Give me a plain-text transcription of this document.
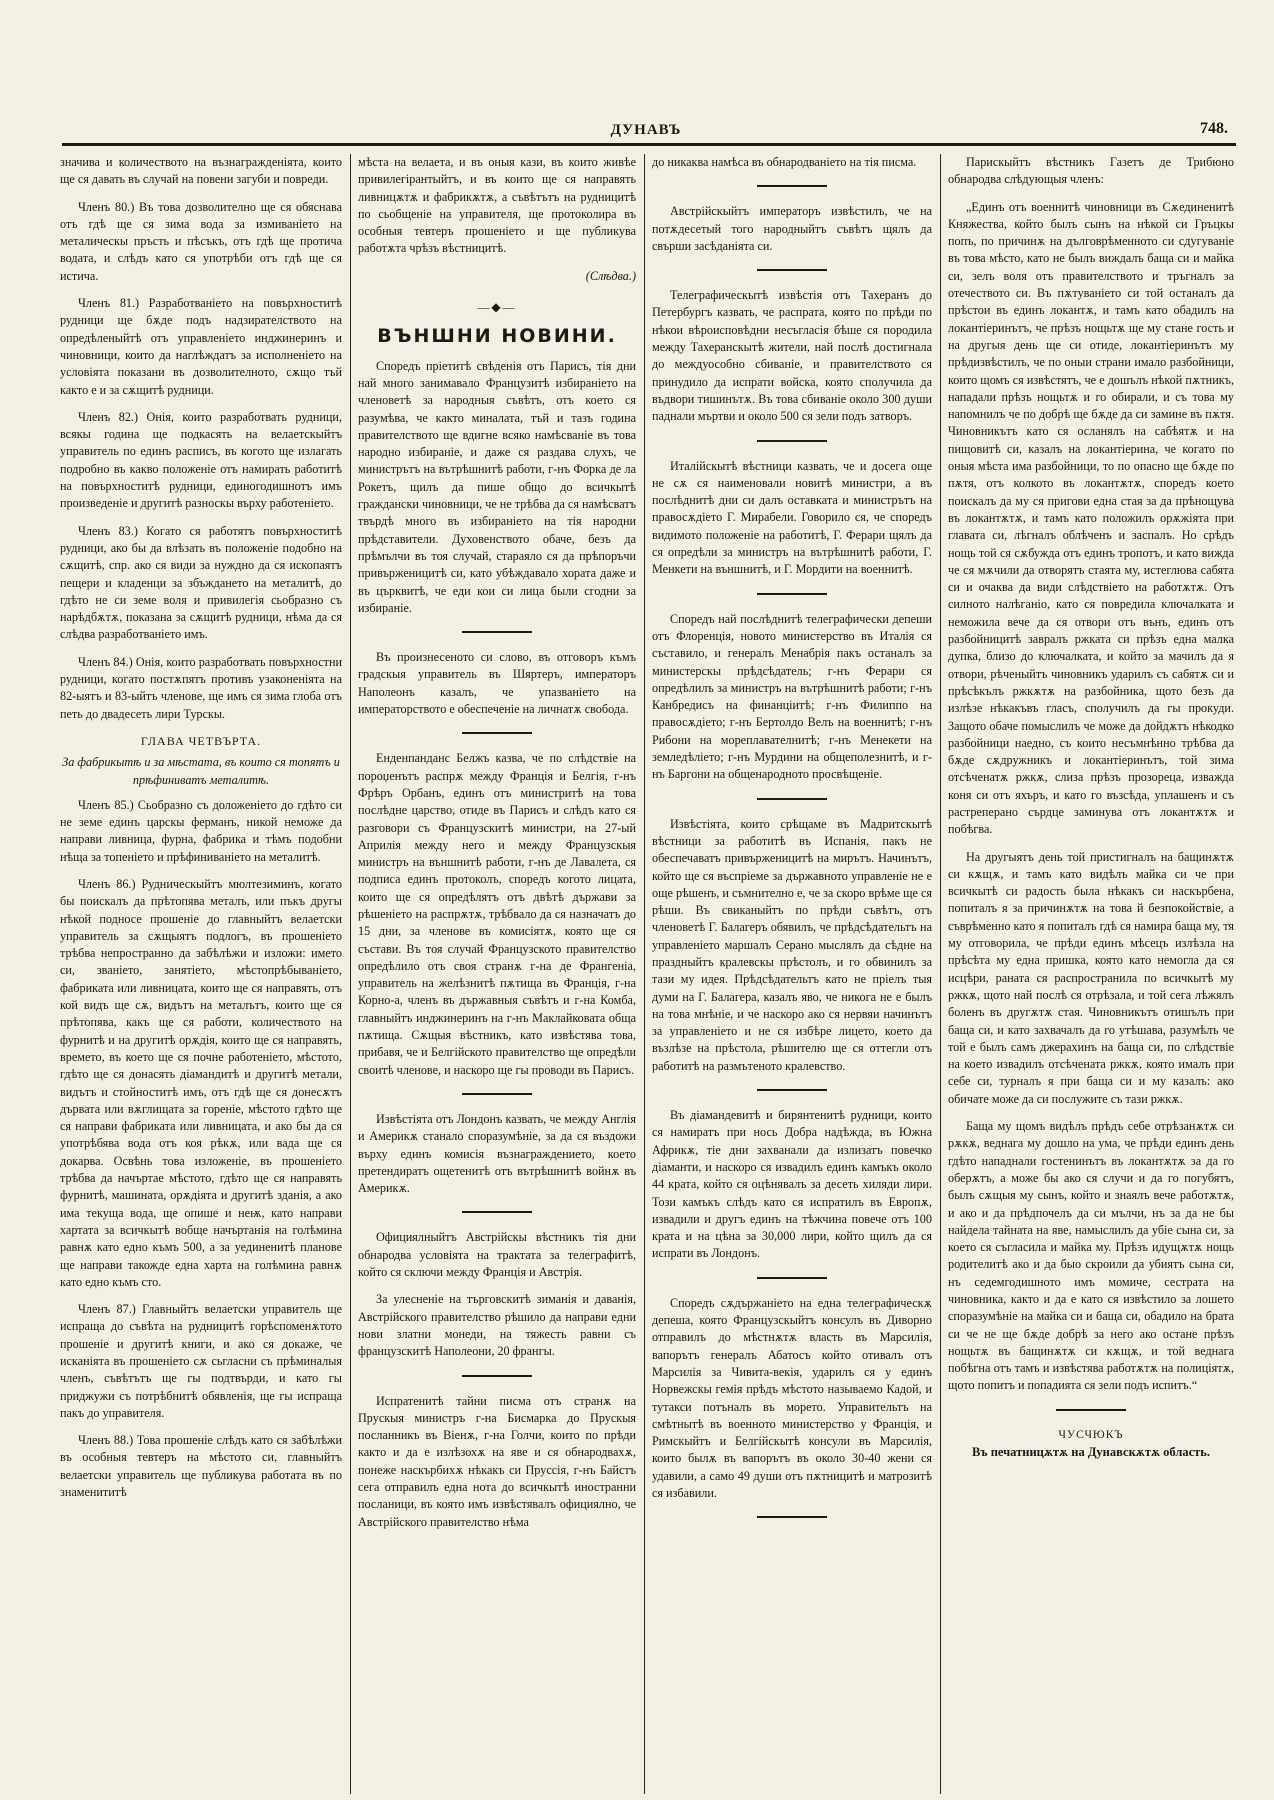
ДУНАВЪ	748.

значива и количеството на възнагражденiята, които ще ся давать въ случай на повени загуби и повреди.

Членъ 80.) Въ това дозволително ще ся обяснава отъ гдѣ ще ся зима вода за измиванiето на металическы пръсть и пѣсъкъ, отъ гдѣ ще протича водата, и слѣдъ като ся употрѣби отъ гдѣ ще ся истича.

Членъ 81.) Разработванiето на повърхноститѣ рудници ще бѫде подъ надзирателството на опредѣленыйтѣ отъ управленiето инджинеринъ и чиновници, които да наглѣждатъ за исполненiето на условiята показани въ дозволителното, сѫщо тъй както е и за сѫщитѣ рудници.

Членъ 82.) Онiя, които разработвать рудници, всякы година ще подкасять на велаетскыйтъ управитель по единъ расписъ, въ когото ще излагать подробно въ какво положенiе отъ намирать работитѣ на повърхноститѣ рудници, единогодишнотъ имъ произведенiе и другитѣ разноскы върху работенiето.

Членъ 83.) Когато ся работятъ повърхноститѣ рудници, ако бы да влѣзать въ положенiе подобно на сѫщитѣ, спр. ако ся види за нуждно да ся ископаятъ пещери и кладенци за збъждането на металитѣ, до гдѣто не си земе воля и привилегiя сьобразно съ нарѣдбѫтѫ, показана за сѫщитѣ рудници, нѣма да ся слѣдва разработванiето имъ.

Членъ 84.) Онiя, които разработвать повърхностни рудници, когато постѫпятъ противъ узаконенiята на 82-ыятъ и 83-ыйтъ членове, ще имъ ся зима глоба отъ петь до двадесеть лири Турскы.

ГЛАВА ЧЕТВЪРТА.
За фабрикытѣ и за мѣстата, въ които ся топятъ и прѣфиниватъ металитѣ.

Членъ 85.) Сьобразно съ доложенiето до гдѣто си не земе единъ царскы ферманъ, никой неможе да направи ливница, фурна, фабрика и тѣмъ подобни нѣща за топенiето и прѣфиниванiето на металитѣ.

Членъ 86.) Рудническыйтъ мюлтезиминъ, когато бы поискалъ да прѣтопява металъ, или пъкъ другы нѣкой подносе прошенiе до главныйтъ велаетски управитель за сѫщыятъ подлогъ, въ прошенiето трѣбва непространно да забѣлѣжи и изложи: името си, званiето, занятiето, мѣстопрѣбыванiето, фабриката или ливницата, които ще ся направять, отъ кой видъ ще сѫ, видътъ на металътъ, които ще ся прѣтопява, какъ ще ся работи, количеството на фурнитѣ и на другитѣ орѫдiя, които ще ся направять, времето, въ което ще ся почне работенiето, мѣстото, гдѣто ще ся донасять дiамандитѣ и другитѣ метали, видътъ и стойноститѣ имъ, отъ гдѣ ще ся донесѫтъ дървата или вѫглищата за горенiе, мѣстото гдѣто ще ся направи фабриката или ливницата, и ако бы да ся употрѣбява вода отъ коя рѣкѫ, или вада ще ся докарва. Освѣнь това изложенiе, въ прошенiето трѣбва да начъртае мѣстото, гдѣто ще ся направять фурнитѣ, машината, орѫдiята и другитѣ зданiя, а ако има текуща вода, ще опише и неѭ, като направи хартата за всичкытѣ вобще начъртанiя на голѣмина равнѫ като едно къмъ 500, а за уединенитѣ планове ще направи такожде една харта на голѣмина равнѫ като едно къмъ сто.

Членъ 87.) Главныйтъ велаетски управитель ще испраща до съвѣта на рудницитѣ горѣспоменѫтото прошенiе и другитѣ книги, и ако ся докаже, че исканiята въ прошенiето сѫ сьгласни съ прѣминалыя членъ, съвѣтътъ ще гы подтвърди, и като гы приджужи съ потрѣбнитѣ обявленiя, ще гы испраща пакъ до управителя.

Членъ 88.) Това прошенiе слѣдъ като ся забѣлѣжи въ особныя тевтеръ на мѣстото си, главныйтъ велаетски управитель ще публикува работата въ по знаменититѣ

мѣста на велаета, и въ оныя кази, въ които живѣе привилегiрантыйтъ, и въ които ще ся направять ливницѫтѫ и фабрикѫтѫ, а съвѣтътъ на рудницитѣ по сьобщенiе на управителя, ще протоколира въ особныя тевтеръ прошенiето и ще публикува работѫта чрѣзъ вѣстницитѣ.

(Слѣдва.)
—◆—
ВЪНШНИ НОВИНИ.

Споредъ прiетитѣ свѣденiя отъ Парисъ, тiя дни най много занимавало Французитѣ избиранiето на членоветѣ за народныя съвѣтъ, отъ което ся разумѣва, че както миналата, тъй и тазъ година правителството ще вдигне всяко намѣсванiе въ това народно избиранiе, и даже ся раздава слухъ, че министрътъ на вътрѣшнитѣ работи, г-нъ Форка де ла Рокетъ, щилъ да пише общо до всичкытѣ граждански чиновници, че не трѣбва да ся намѣсватъ твърдѣ много въ избиранiето на тiя народни прѣдставители. Духовенството обаче, безъ да прѣмълчи въ тоя случай, стараяло ся да прѣпоръчи привърженицитѣ си, като убѣждавало хората даже и въ църквитѣ, че еди кои си лица были сгодни за избиранiе.

Въ произнесеното си слово, въ отговоръ къмъ градскыя управитель въ Шяртеръ, императоръ Наполеонъ казалъ, че упазванiето на императорството е обеспеченiе на личнатѫ свобода.

Енденпанданс Белжъ казва, че по слѣдствiе на пороџенътъ распрѫ между Францiя и Белгiя, г-нъ Фрѣръ Орбанъ, единъ отъ министритѣ на това послѣдне царство, отиде въ Парисъ и слѣдъ като ся разговори съ Французскитѣ министри, на 27-ый Априлiя между него и между Французскыя министръ на външнитѣ работи, г-нъ де Лавалета, ся подписа единъ протоколъ, споредъ когото лицата, които ще ся опредѣлятъ отъ двѣтѣ държави за рѣшенiето на распрѫтѫ, трѣбвало да ся назначатъ до 15 дни, за членове въ комисiятѫ, която ще ся състави. Въ тоя случай Французското правителство опредѣлило отъ своя странѫ г-на де Франгенiа, управитель на желѣзнитѣ пѫтища въ Францiя, г-на Корно-а, членъ въ държавныя съвѣтъ и г-на Комба, главныйтъ инджинеринъ на г-нъ Маклайковата обща пѫтища. Сѫщыя вѣстникъ, като извѣстява това, прибавя, че и Белгiйското правителство ще опредѣли своитѣ членове, и наскоро ще гы проводи въ Парисъ.

Извѣстiята отъ Лондонъ казвать, че между Англiя и Америкѫ станало споразумѣнiе, за да ся въздожи върху единъ комисiя възнаграждението, което претендиратъ ощетенитѣ отъ вътрѣшнитѣ войнѫ въ Америкѫ.

Официялныйтъ Австрiйскы вѣстникъ тiя дни обнародва условiята на трактата за телеграфитѣ, който ся сключи между Францiя и Австрiя.

За улесненiе на търговскитѣ зиманiя и даванiя, Австрiйского правителство рѣшило да направи едни нови златни монеди, на тяжесть равни съ французскитѣ Наполеони, 20 франгы.

Испратенитѣ тайни писма отъ странѫ на Прускыя министръ г-на Бисмарка до Прускыя посланникъ въ Вiенѫ, г-на Голчи, които по прѣди както и да е излѣзохѫ на яве и ся обнародвахѫ, понеже наскърбихѫ нѣкакъ си Пруссiя, г-нъ Байстъ сега отправилъ една нота до всичкытѣ иностранни посланици, въ която имъ извѣстявалъ официялно, че Австрiйского правителство нѣма

до никаква намѣса въ обнародванiето на тiя писма.

Австрiйскыйтъ императоръ извѣстилъ, че на потѫдесетый того народныйтъ съвѣтъ щялъ да свърши засѣданiята си.

Телеграфическытѣ извѣстiя отъ Тахеранъ до Петербургъ казвать, че распрата, която по прѣди по нѣкои вѣроисповѣдни несъгласiя бѣше ся породила между Тахеранскытѣ жители, най послѣ достигнала до междуособно сбиванiе, и правителството ся принудило да испрати войска, която сполучила да въдвори тишинътѫ. Въ това сбиванiе около 300 души паднали мъртви и около 500 ся зели подъ затворъ.

Италiйскытѣ вѣстници казвать, че и досега още не сѫ ся наименовали новитѣ министри, а въ послѣднитѣ дни си далъ оставката и министрътъ на правосѫдiето Г. Мирабели. Говорило ся, че споредъ видимото положенiе на работитѣ, Г. Ферари щялъ да ся опредѣли за министръ на вътрѣшнитѣ работи, Г. Менкети на външнитѣ, и Г. Мордити на военнитѣ.

Споредъ най послѣднитѣ телеграфически депеши отъ Флоренцiя, новото министерство въ Италiя ся съставило, и генералъ Менабрiя пакъ останалъ за министерскы прѣдсѣдатель; г-нъ Ферари ся опредѣлилъ за министръ на вътрѣшнитѣ работи; г-нъ Канбредисъ на финанцiитѣ; г-нъ Филиппо на правосѫдiето; г-нъ Бертолдо Велъ на военнитѣ; г-нъ Рибони на мореплавателнитѣ; г-нъ Менекети на земледѣлiето; г-нъ Мурдини на общеполезнитѣ, и г-нъ Баргони на общенародното просвѣщенiе.

Извѣстiята, които срѣщаме въ Мадритскытѣ вѣстници за работитѣ въ Испанiя, пакъ не обеспечаватъ привърженицитѣ на мирътъ. Начинътъ, който ще ся въспрiеме за държавното управленiе не е още рѣшенъ, и съмнително е, че за скоро врѣме ще ся рѣши. Въ свиканыйтъ по прѣди съвѣтъ, отъ членоветѣ Г. Балагеръ обявилъ, че прѣдсѣдательтъ на управленiето маршалъ Серано мыслялъ да сѣдне на праздныйтъ кралевскы прѣстолъ, и го обвинилъ за тази му идея. Прѣдсѣдательтъ като не прiелъ тыя думи на Г. Балагера, казалъ яво, че никога не е былъ на това мнѣнiе, и че наскоро ако ся нервяи начинътъ за управленiето и не ся избѣре лицето, което да възлѣзе на прѣстола, рѣшителю ще ся оттегли отъ работитѣ на размътеното кралевство.

Въ дiамандевитѣ и бирянтенитѣ рудници, които ся намиратъ при нось Добра надѣжда, въ Южна Африкѫ, тiе дни захванали да излизатъ повечко дiаманти, и наскоро ся извадилъ единъ камъкъ около 44 крата, който ся оцѣнявалъ за десеть хиляди лири. Този камъкъ слѣдъ като ся испратилъ въ Европѫ, извадили и другъ единъ на тѣжчина повече отъ 100 крата и на цѣна за 30,000 лири, който щилъ да ся испрати въ Лондонъ.

Споредъ сѫдържанiето на една телеграфическѫ депеша, която Французскыйтъ консулъ въ Диворно отправилъ до мѣстнѫтѫ власть въ Марсилiя, вапорътъ генералъ Абатосъ който отивалъ отъ Марсилiя за Чивита-векiя, ударилъ ся у единъ Норвежскы гемiя прѣдъ мѣстото называемо Кадой, и тутакси потъналъ въ морето. Управительтъ на смѣтнытѣ въ военното министерство у Францiя, и Римскыйтъ и Белгiйскытѣ консули въ Марсилiя, които былѫ въ вапорътъ въ около 30-40 жени ся удавили, а само 49 души отъ пѫтницитѣ и матрозитѣ ся избавили.

Парискыйтъ вѣстникъ Газетъ де Трибюно обнародва слѣдующыя членъ:

„Единъ отъ военнитѣ чиновници въ Сѫединенитѣ Княжества, който былъ сынъ на нѣкой си Гръцкы попъ, по причинѫ на дълговрѣменното си сдугуванiе въ това мѣсто, като не былъ виждалъ баща си и майка си, зелъ воля отъ правителството и тръгналъ за отечеството си. Въ пѫтуванiето си той останалъ да прѣстои въ единъ локантѫ, и тамъ като обадилъ на локантiеринътъ, че прѣзъ нощьтѫ ще му стане гость и на другыя день ще си отиде, локантiеринътъ му прѣдизвѣстилъ, че по оныи страни имало разбойници, които щомъ ся извѣстятъ, че е дошълъ нѣкой пѫтникъ, нападали прѣзъ нощьтѫ и го обирали, и съ това му напомнилъ че по добрѣ ще бѫде да си замине въ пѫтя. Чиновникътъ като ся осланялъ на сабѣятѫ и на пищовитѣ си, казалъ на локантiерина, че когато по оныя мѣста има разбойници, то по опасно ще бѫде по пѫтя, отъ колкото въ локантѫтѫ, споредъ което поискалъ да му ся пригови една стая за да прѣнощува въ локантѫтѫ, и тамъ като положилъ орѫжiята при главата си, лѣгналъ облѣченъ и заспалъ. Но срѣдъ нощь той ся сѫбужда отъ единъ тропотъ, и като вижда че ся мѫчили да отворятъ стаята му, истеглюва сабята си и очаква да види слѣдствiето на работѫтѫ. Отъ силното налѣганiо, като ся повредила ключалката и неможила вече да ся отвори отъ вънъ, единъ отъ разбойницитѣ завралъ ржката си прѣзъ една малка дупка, близо до ключалката, и който за мачилъ да я отвори, рѣченыйтъ чиновникъ ударилъ съ сабятѫ си и прѣсѣкълъ ржкѫтѫ на разбойника, щото безъ да излѣзе нѣкакъвъ гласъ, сполучилъ да гы прокуди. Защото обаче помыслилъ че може да дойдѫтъ нѣкодко разбойници наедно, съ които несъмнѣнно трѣбва да бѫде сѫдружникъ и локантiеринътъ, той зима отсѣченатѫ ржкѫ, слиза прѣзъ прозореца, изважда коня си отъ яхъръ, и като го възсѣда, уплашенъ и съ растреперано сърдце заминува отъ локантѫтѫ и побѣгва.

На другыятъ день той пристигналъ на бащинѫтѫ си кѫщѫ, и тамъ като видѣлъ майка си че при всичкытѣ си радость была нѣкакъ си наскърбена, попиталъ я за причинѫтѫ на това й безпокойствiе, а съврѣменно като я попиталъ гдѣ ся намира баща му, тя му отговорила, че прѣди единъ мѣсецъ излѣзла на прѣсѣта му една пришка, която като немогла да ся исцѣри, раната ся распространила по всичкытѣ му ржкѫ, щото най послѣ ся отрѣзала, и той сега лѣжялъ боленъ въ другѫтѫ стая. Чиновникътъ отишълъ при баща си, и като захвачалъ да го утѣшава, разумѣлъ че той е былъ самъ джерахинъ на баща си, по слѣдствiе на което извадилъ отсѣчената ржкѫ, която ималъ при себе си, турналъ я при баща си и му казалъ: ако обичате може да си послужите съ тази ржкѫ.

Баща му щомъ видѣлъ прѣдъ себе отрѣзанѫтѫ си рѫкѫ, веднага му дошло на ума, че прѣди единъ день гдѣто нападнали гостенинътъ въ локантѫтѫ за да го оберѫтъ, а може бы ако ся случи и да го погубятъ, былъ сѫщыя му сынъ, който и знаялъ вече работѫтѫ, и ако и да прѣдпочелъ да си мълчи, нъ за да не бы найдела тайната на яве, намыслилъ да убiе сына си, за което ся съгласила и майка му. Прѣзъ идущѫтѫ нощь родителитѣ ако и да быо скроили да убиятъ сына си, нъ седемгодишното имъ момиче, сестрата на чиновника, както и да е като ся извѣстило за лошето споразумѣнiе на майка си и баща си, обадило на брата си че не ще бѫде добрѣ за него ако остане прѣзъ нощьтѫ въ бащинѫтѫ си кѫщѫ, и той веднага побѣгна отъ тамъ и извѣстява работѫтѫ на полицiятѫ, щото попитъ и попадията ся зели подъ испитъ.“

ЧУСЧЮКЪ
Въ печатницѫтѫ на Дунавскѫтѫ область.
